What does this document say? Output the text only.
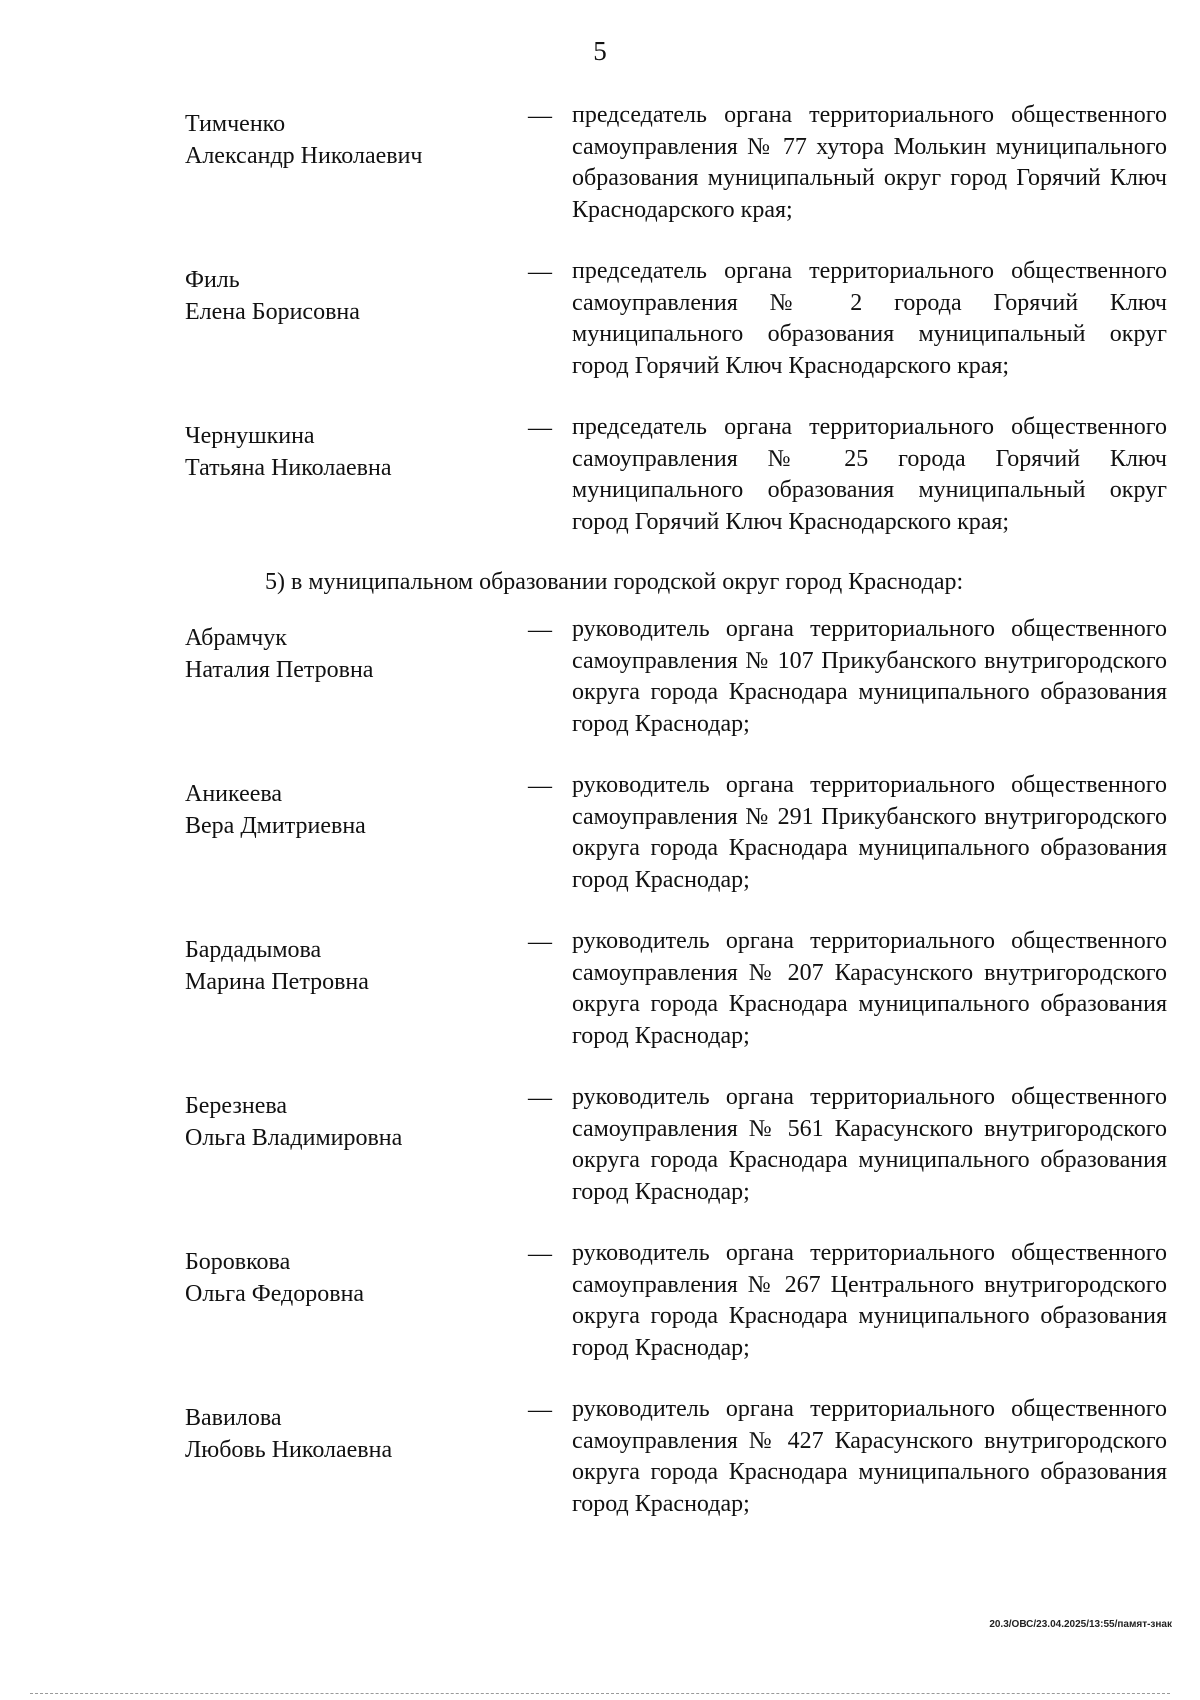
5
Тимченко
Александр Николаевич
— председатель органа территориального общественного самоуправления № 77 хутора Молькин муниципального образования муниципальный округ город Горячий Ключ Краснодарского края;
Филь
Елена Борисовна
— председатель органа территориального общественного самоуправления № 2 города Горячий Ключ муниципального образования муниципальный округ город Горячий Ключ Краснодарского края;
Чернушкина
Татьяна Николаевна
— председатель органа территориального общественного самоуправления № 25 города Горячий Ключ муниципального образования муниципальный округ город Горячий Ключ Краснодарского края;
5) в муниципальном образовании городской округ город Краснодар:
Абрамчук
Наталия Петровна
— руководитель органа территориального общественного самоуправления № 107 Прикубанского внутригородского округа города Краснодара муниципального образования город Краснодар;
Аникеева
Вера Дмитриевна
— руководитель органа территориального общественного самоуправления № 291 Прикубанского внутригородского округа города Краснодара муниципального образования город Краснодар;
Бардадымова
Марина Петровна
— руководитель органа территориального общественного самоуправления № 207 Карасунского внутригородского округа города Краснодара муниципального образования город Краснодар;
Березнева
Ольга Владимировна
— руководитель органа территориального общественного самоуправления № 561 Карасунского внутригородского округа города Краснодара муниципального образования город Краснодар;
Боровкова
Ольга Федоровна
— руководитель органа территориального общественного самоуправления № 267 Центрального внутригородского округа города Краснодара муниципального образования город Краснодар;
Вавилова
Любовь Николаевна
— руководитель органа территориального общественного самоуправления № 427 Карасунского внутригородского округа города Краснодара муниципального образования город Краснодар;
20.3/ОВС/23.04.2025/13:55/памят-знак
